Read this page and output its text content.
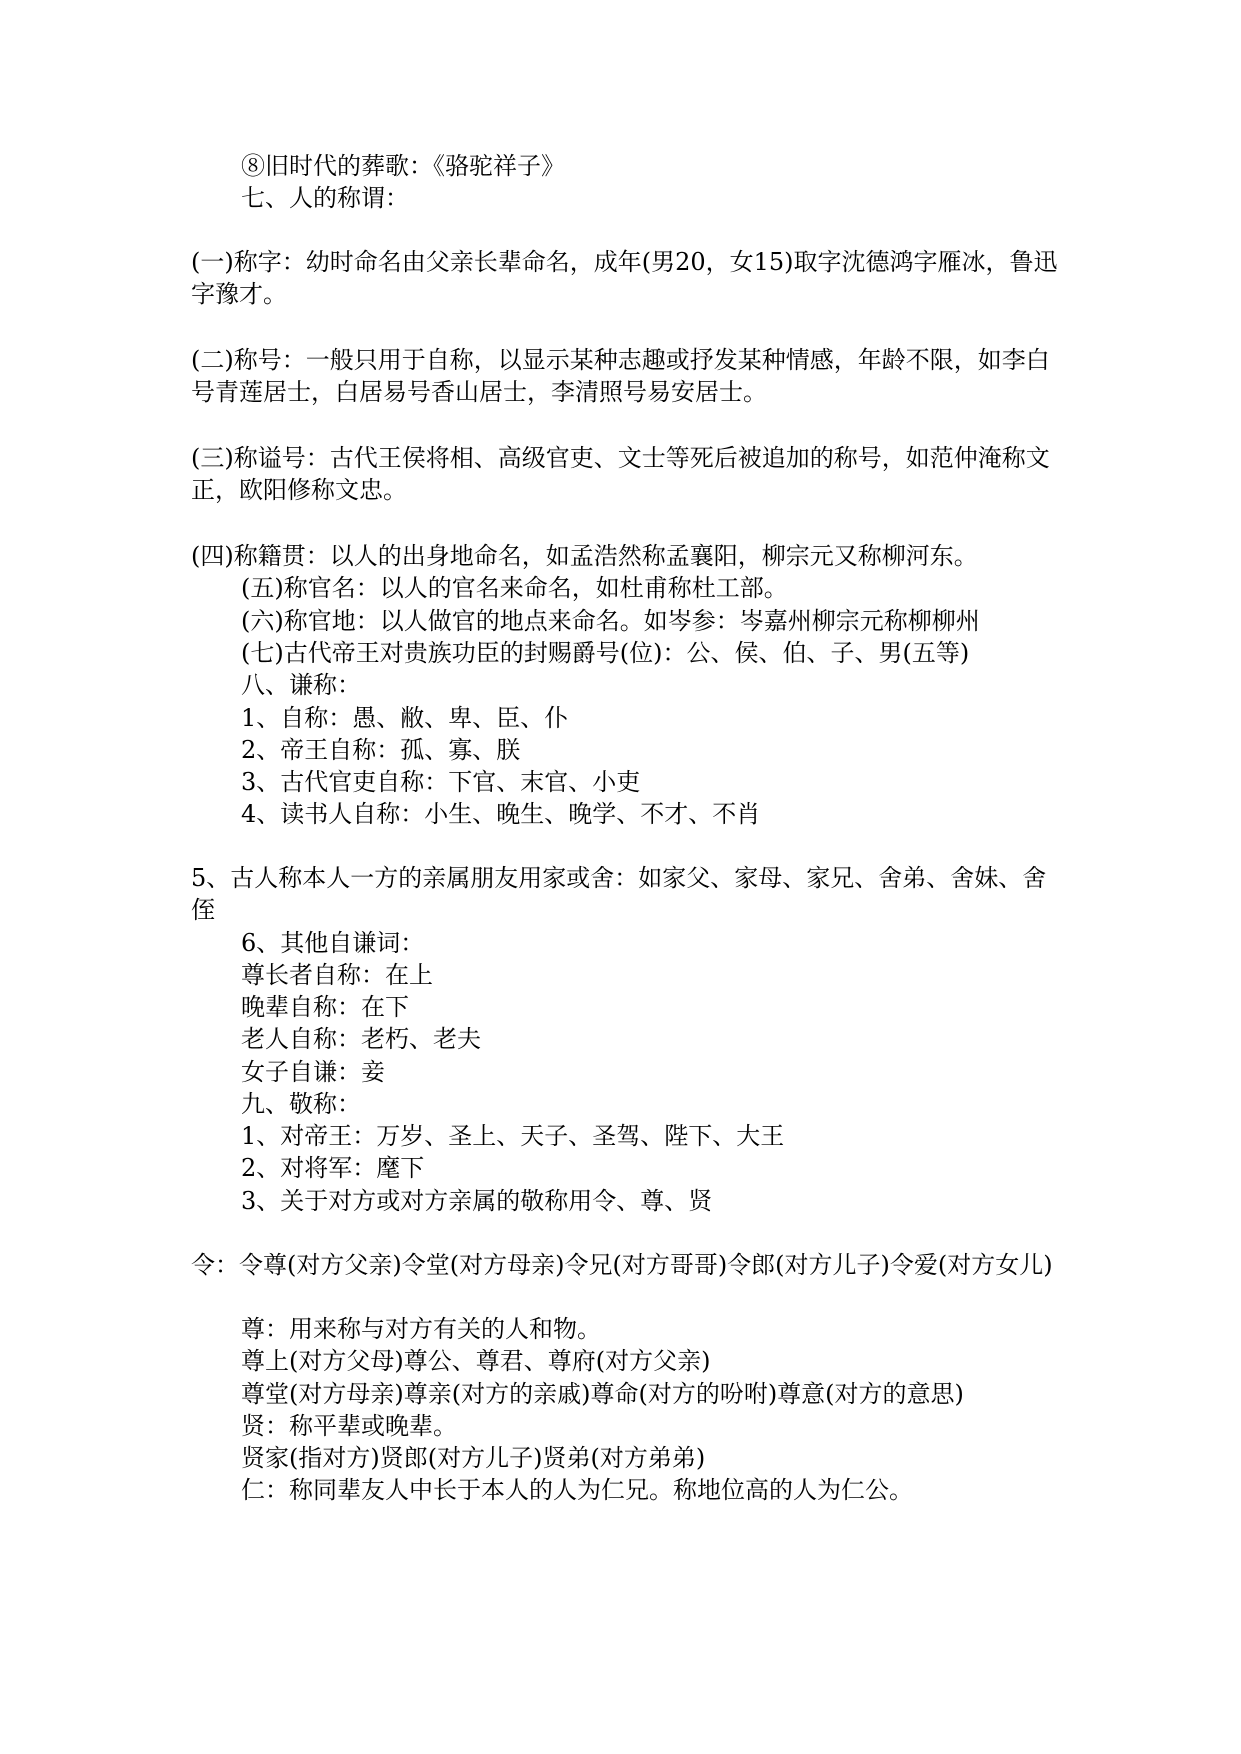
⑧旧时代的葬歌：《骆驼祥子》
七、人的称谓：
(一)称字：幼时命名由父亲长辈命名，成年(男20，女15)取字沈德鸿字雁冰，鲁迅字豫才。
(二)称号：一般只用于自称，以显示某种志趣或抒发某种情感，年龄不限，如李白号青莲居士，白居易号香山居士，李清照号易安居士。
(三)称谥号：古代王侯将相、高级官吏、文士等死后被追加的称号，如范仲淹称文正，欧阳修称文忠。
(四)称籍贯：以人的出身地命名，如孟浩然称孟襄阳，柳宗元又称柳河东。
(五)称官名：以人的官名来命名，如杜甫称杜工部。
(六)称官地：以人做官的地点来命名。如岑参：岑嘉州柳宗元称柳柳州
(七)古代帝王对贵族功臣的封赐爵号(位)：公、侯、伯、子、男(五等)
八、谦称：
1、自称：愚、敝、卑、臣、仆
2、帝王自称：孤、寡、朕
3、古代官吏自称：下官、末官、小吏
4、读书人自称：小生、晚生、晚学、不才、不肖
5、古人称本人一方的亲属朋友用家或舍：如家父、家母、家兄、舍弟、舍妹、舍侄
6、其他自谦词：
尊长者自称：在上
晚辈自称：在下
老人自称：老朽、老夫
女子自谦：妾
九、敬称：
1、对帝王：万岁、圣上、天子、圣驾、陛下、大王
2、对将军：麾下
3、关于对方或对方亲属的敬称用令、尊、贤
令：令尊(对方父亲)令堂(对方母亲)令兄(对方哥哥)令郎(对方儿子)令爱(对方女儿)
尊：用来称与对方有关的人和物。
尊上(对方父母)尊公、尊君、尊府(对方父亲)
尊堂(对方母亲)尊亲(对方的亲戚)尊命(对方的吩咐)尊意(对方的意思)
贤：称平辈或晚辈。
贤家(指对方)贤郎(对方儿子)贤弟(对方弟弟)
仁：称同辈友人中长于本人的人为仁兄。称地位高的人为仁公。
